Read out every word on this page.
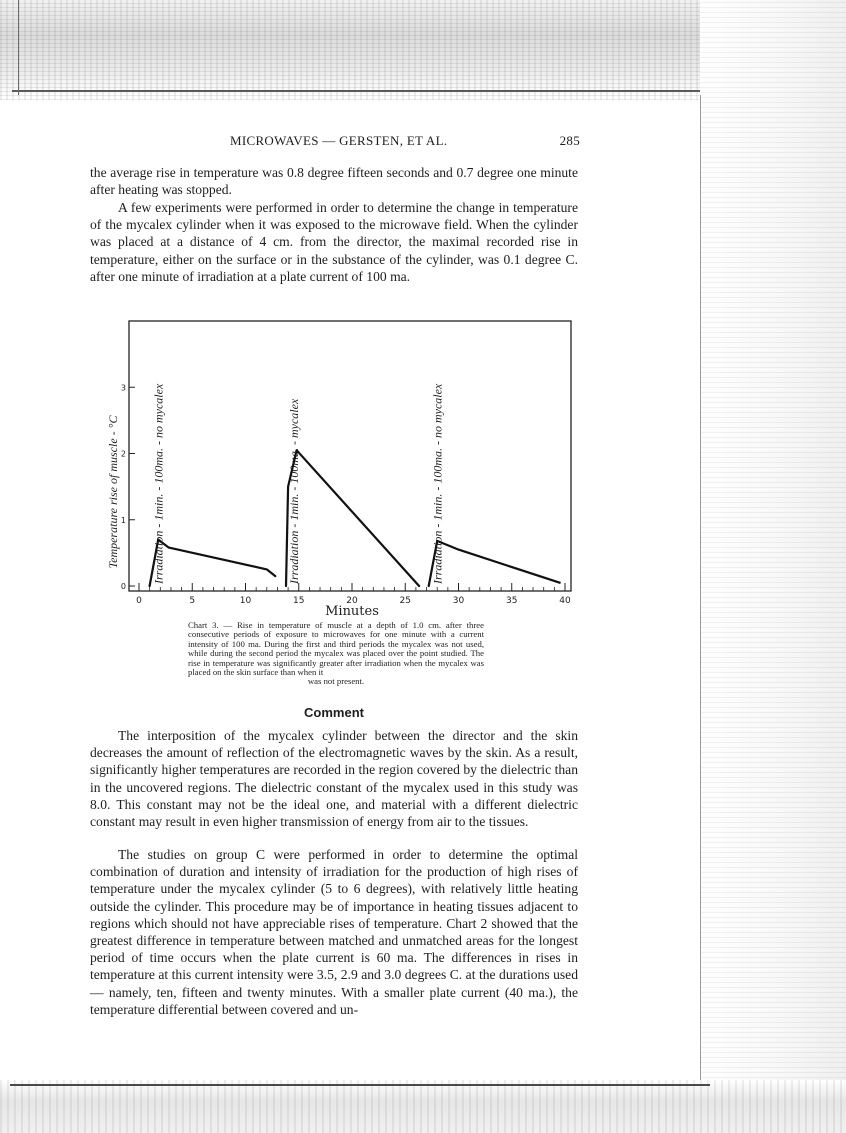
MICROWAVES — GERSTEN, ET AL.	285

the average rise in temperature was 0.8 degree fifteen seconds and 0.7 degree one minute after heating was stopped.

A few experiments were performed in order to determine the change in temperature of the mycalex cylinder when it was exposed to the microwave field. When the cylinder was placed at a distance of 4 cm. from the director, the maximal recorded rise in temperature, either on the surface or in the substance of the cylinder, was 0.1 degree C. after one minute of irradiation at a plate current of 100 ma.

0	5	10	15	20	25	30	35	40
0
1
2
3 Irradiation - 1min. - 100ma. - no mycalex	Irradiation - 1min. - 100ma. - mycalex	Irradiation - 1min. - 100ma. - no mycalex
Minutes
Temperature rise of muscle - °C

Chart 3. — Rise in temperature of muscle at a depth of 1.0 cm. after three consecutive periods of exposure to microwaves for one minute with a current intensity of 100 ma. During the first and third periods the mycalex was not used, while during the second period the mycalex was placed over the point studied. The rise in temperature was significantly greater after irradiation when the mycalex was placed on the skin surface than when it
was not present.

Comment

The interposition of the mycalex cylinder between the director and the skin decreases the amount of reflection of the electromagnetic waves by the skin. As a result, significantly higher temperatures are recorded in the region covered by the dielectric than in the uncovered regions. The dielectric constant of the mycalex used in this study was 8.0. This constant may not be the ideal one, and material with a different dielectric constant may result in even higher transmission of energy from air to the tissues.

The studies on group C were performed in order to determine the optimal combination of duration and intensity of irradiation for the production of high rises of temperature under the mycalex cylinder (5 to 6 degrees), with relatively little heating outside the cylinder. This procedure may be of importance in heating tissues adjacent to regions which should not have appreciable rises of temperature. Chart 2 showed that the greatest difference in temperature between matched and unmatched areas for the longest period of time occurs when the plate current is 60 ma. The differences in rises in temperature at this current intensity were 3.5, 2.9 and 3.0 degrees C. at the durations used — namely, ten, fifteen and twenty minutes. With a smaller plate current (40 ma.), the temperature differential between covered and un-
